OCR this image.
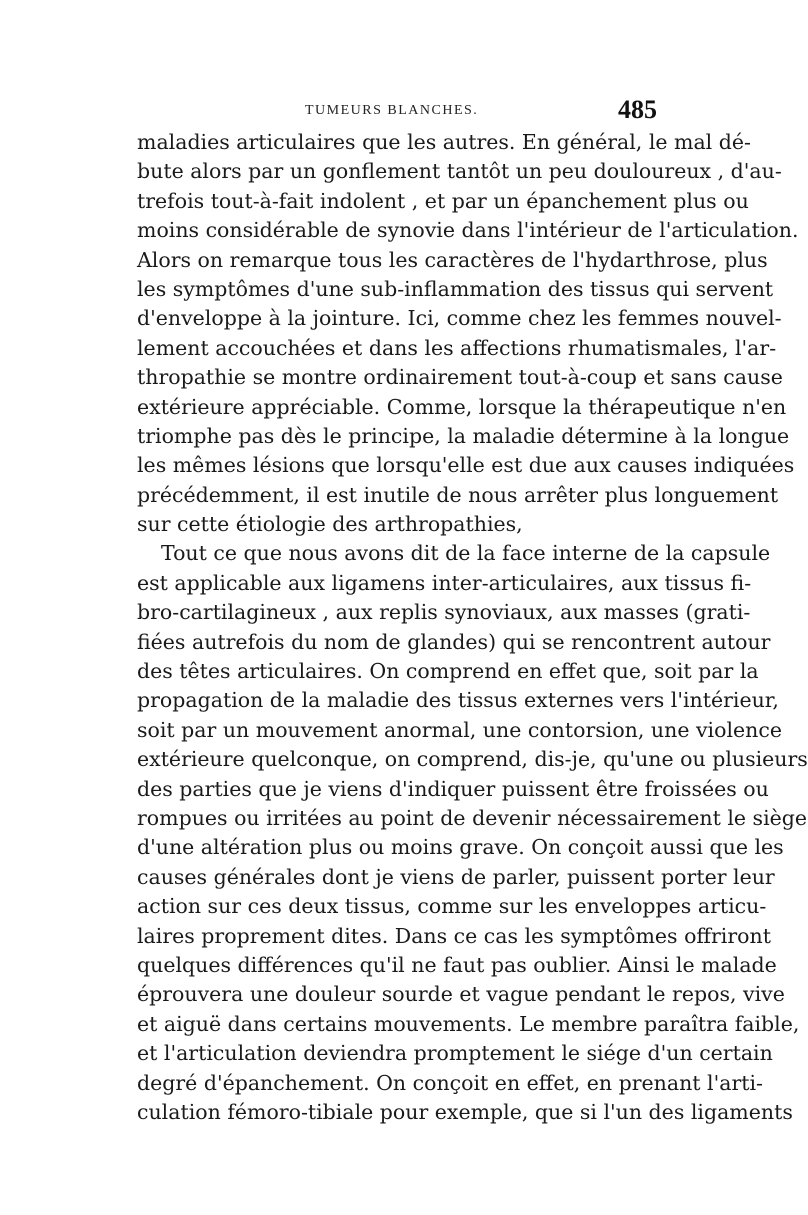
TUMEURS BLANCHES.	485
maladies articulaires que les autres. En général, le mal dé-
bute alors par un gonflement tantôt un peu douloureux , d'au-
trefois tout-à-fait indolent , et par un épanchement plus ou
moins considérable de synovie dans l'intérieur de l'articulation.
Alors on remarque tous les caractères de l'hydarthrose, plus
les symptômes d'une sub-inflammation des tissus qui servent
d'enveloppe à la jointure. Ici, comme chez les femmes nouvel-
lement accouchées et dans les affections rhumatismales, l'ar-
thropathie se montre ordinairement tout-à-coup et sans cause
extérieure appréciable. Comme, lorsque la thérapeutique n'en
triomphe pas dès le principe, la maladie détermine à la longue
les mêmes lésions que lorsqu'elle est due aux causes indiquées
précédemment, il est inutile de nous arrêter plus longuement
sur cette étiologie des arthropathies,
Tout ce que nous avons dit de la face interne de la capsule
est applicable aux ligamens inter-articulaires, aux tissus fi-
bro-cartilagineux , aux replis synoviaux, aux masses (grati-
fiées autrefois du nom de glandes) qui se rencontrent autour
des têtes articulaires. On comprend en effet que, soit par la
propagation de la maladie des tissus externes vers l'intérieur,
soit par un mouvement anormal, une contorsion, une violence
extérieure quelconque, on comprend, dis-je, qu'une ou plusieurs
des parties que je viens d'indiquer puissent être froissées ou
rompues ou irritées au point de devenir nécessairement le siège
d'une altération plus ou moins grave. On conçoit aussi que les
causes générales dont je viens de parler, puissent porter leur
action sur ces deux tissus, comme sur les enveloppes articu-
laires proprement dites. Dans ce cas les symptômes offriront
quelques différences qu'il ne faut pas oublier. Ainsi le malade
éprouvera une douleur sourde et vague pendant le repos, vive
et aiguë dans certains mouvements. Le membre paraîtra faible,
et l'articulation deviendra promptement le siége d'un certain
degré d'épanchement. On conçoit en effet, en prenant l'arti-
culation fémoro-tibiale pour exemple, que si l'un des ligaments
